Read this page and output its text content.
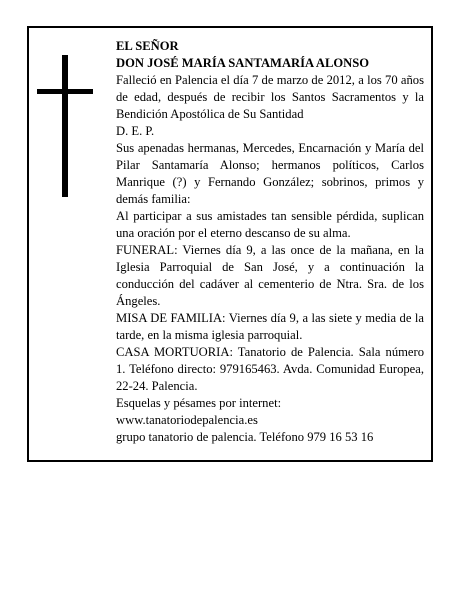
EL SEÑOR

DON JOSÉ MARÍA SANTAMARÍA ALONSO

Falleció en Palencia el día 7 de marzo de 2012, a los 70 años de edad, después de recibir los Santos Sacramentos y la Bendición Apostólica de Su Santidad

D. E. P.

Sus apenadas hermanas, Mercedes, Encarnación y María del Pilar Santamaría Alonso; hermanos políticos, Carlos Manrique (?) y Fernando González; sobrinos, primos y demás familia:

Al participar a sus amistades tan sensible pérdida, suplican una oración por el eterno descanso de su alma.

FUNERAL: Viernes día 9, a las once de la mañana, en la Iglesia Parroquial de San José, y a continuación la conducción del cadáver al cementerio de Ntra. Sra. de los Ángeles.

MISA DE FAMILIA: Viernes día 9, a las siete y media de la tarde, en la misma iglesia parroquial.

CASA MORTUORIA: Tanatorio de Palencia. Sala número 1. Teléfono directo: 979165463. Avda. Comunidad Europea, 22-24. Palencia.

Esquelas y pésames por internet:

www.tanatoriodepalencia.es

grupo tanatorio de palencia. Teléfono 979 16 53 16
